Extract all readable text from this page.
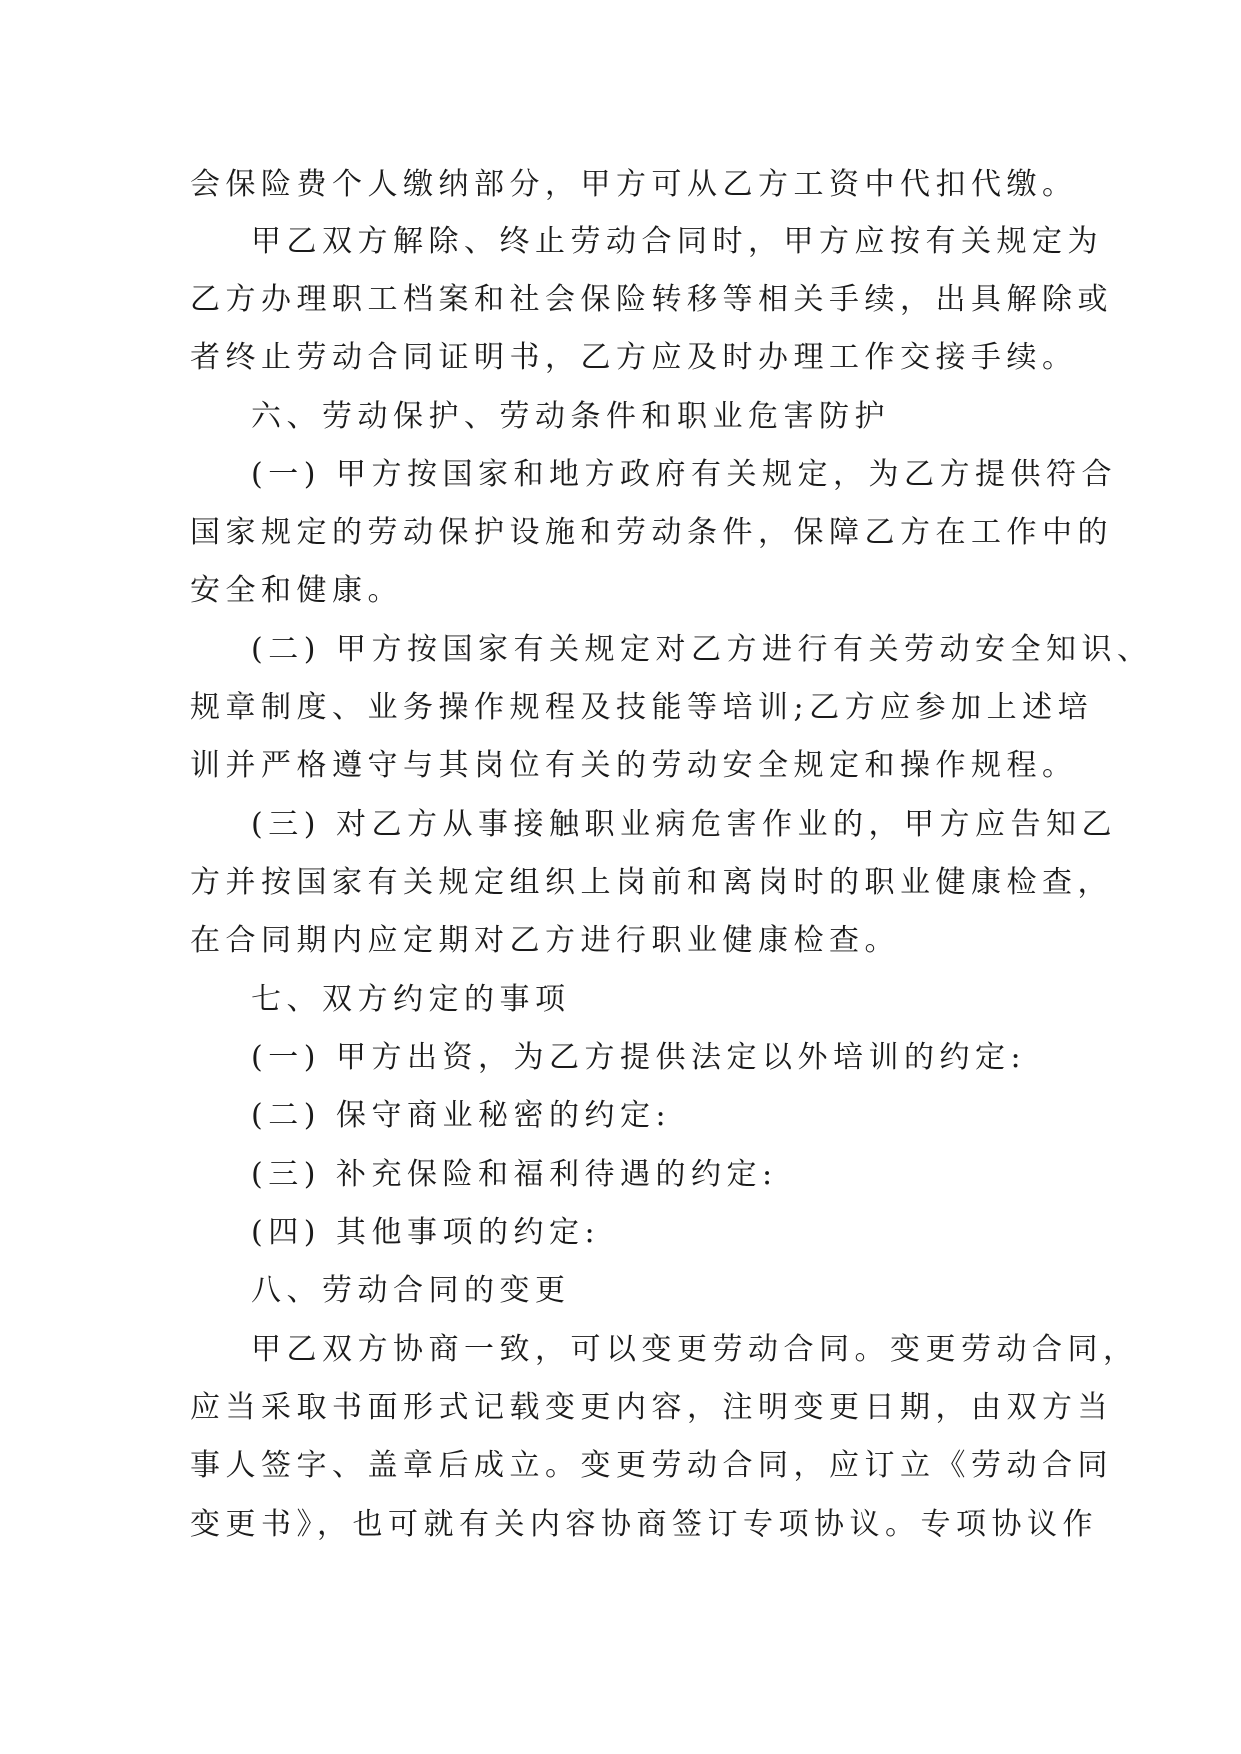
会保险费个人缴纳部分，甲方可从乙方工资中代扣代缴。
甲乙双方解除、终止劳动合同时，甲方应按有关规定为
乙方办理职工档案和社会保险转移等相关手续，出具解除或
者终止劳动合同证明书，乙方应及时办理工作交接手续。
六、劳动保护、劳动条件和职业危害防护
(一) 甲方按国家和地方政府有关规定，为乙方提供符合
国家规定的劳动保护设施和劳动条件，保障乙方在工作中的
安全和健康。
(二) 甲方按国家有关规定对乙方进行有关劳动安全知识、
规章制度、业务操作规程及技能等培训;乙方应参加上述培
训并严格遵守与其岗位有关的劳动安全规定和操作规程。
(三) 对乙方从事接触职业病危害作业的，甲方应告知乙
方并按国家有关规定组织上岗前和离岗时的职业健康检查，
在合同期内应定期对乙方进行职业健康检查。
七、双方约定的事项
(一) 甲方出资，为乙方提供法定以外培训的约定:
(二) 保守商业秘密的约定:
(三) 补充保险和福利待遇的约定:
(四) 其他事项的约定:
八、劳动合同的变更
甲乙双方协商一致，可以变更劳动合同。变更劳动合同，
应当采取书面形式记载变更内容，注明变更日期，由双方当
事人签字、盖章后成立。变更劳动合同，应订立《劳动合同
变更书》，也可就有关内容协商签订专项协议。专项协议作
